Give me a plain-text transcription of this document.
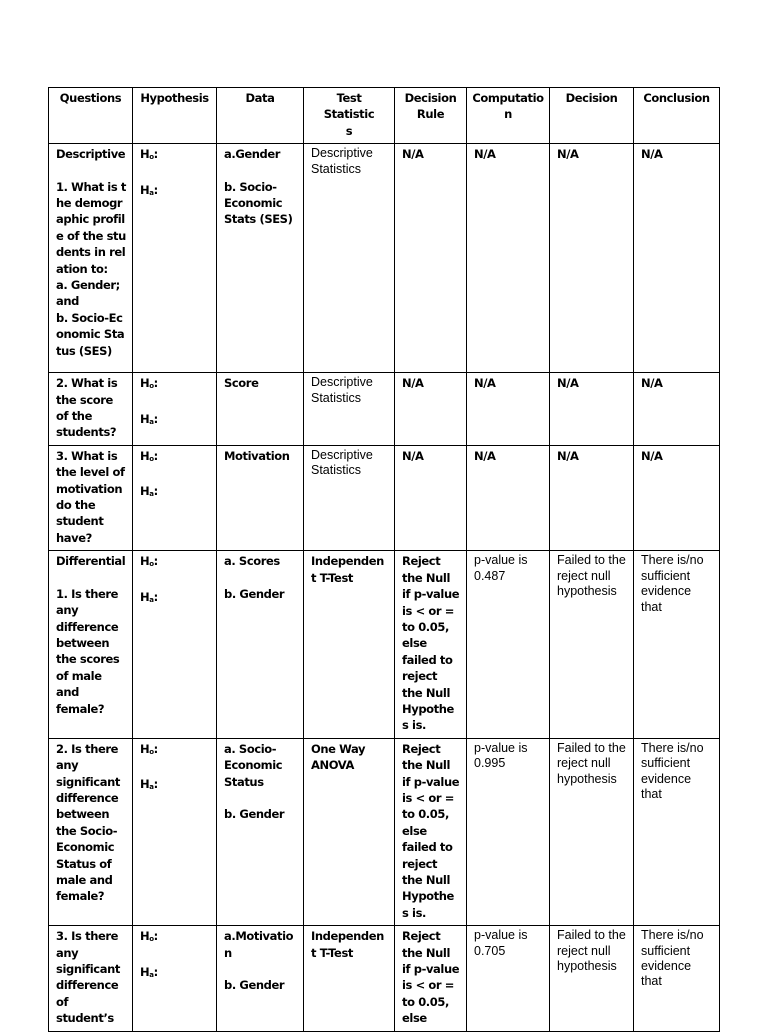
Questions	Hypothesis	Data	Test Statistics	Decision Rule	Computation	Decision	Conclusion

Descriptive
1. What is the demographic profile of the students in relation to:
a. Gender; and
b. Socio-Economic Status (SES)	$H_o$:
$H_a$:	a.Gender
b. Socio-Economic Stats (SES)	Descriptive Statistics	N/A	N/A	N/A	N/A

2. What is the score of the students?	$H_o$:
$H_a$:	Score	Descriptive Statistics	N/A	N/A	N/A	N/A

3. What is the level of motivation do the student have?	$H_o$:
$H_a$:	Motivation	Descriptive Statistics	N/A	N/A	N/A	N/A

Differential
1. Is there any difference between the scores of male and female?	$H_o$:
$H_a$:	a. Scores
b. Gender	Independent T-Test	Reject the Null if p-value is < or = to 0.05, else failed to reject the Null Hypothes is.	p-value is 0.487	Failed to the reject null hypothesis	There is/no sufficient evidence that

2. Is there any significant difference between the Socio-Economic Status of male and female?	$H_o$:
$H_a$:	a. Socio-Economic Status
b. Gender	One Way ANOVA	Reject the Null if p-value is < or = to 0.05, else failed to reject the Null Hypothes is.	p-value is 0.995	Failed to the reject null hypothesis	There is/no sufficient evidence that

3. Is there any significant difference of student’s	$H_o$:
$H_a$:	a.Motivation
b. Gender	Independent T-Test	Reject the Null if p-value is < or = to 0.05, else	p-value is 0.705	Failed to the reject null hypothesis	There is/no sufficient evidence that
